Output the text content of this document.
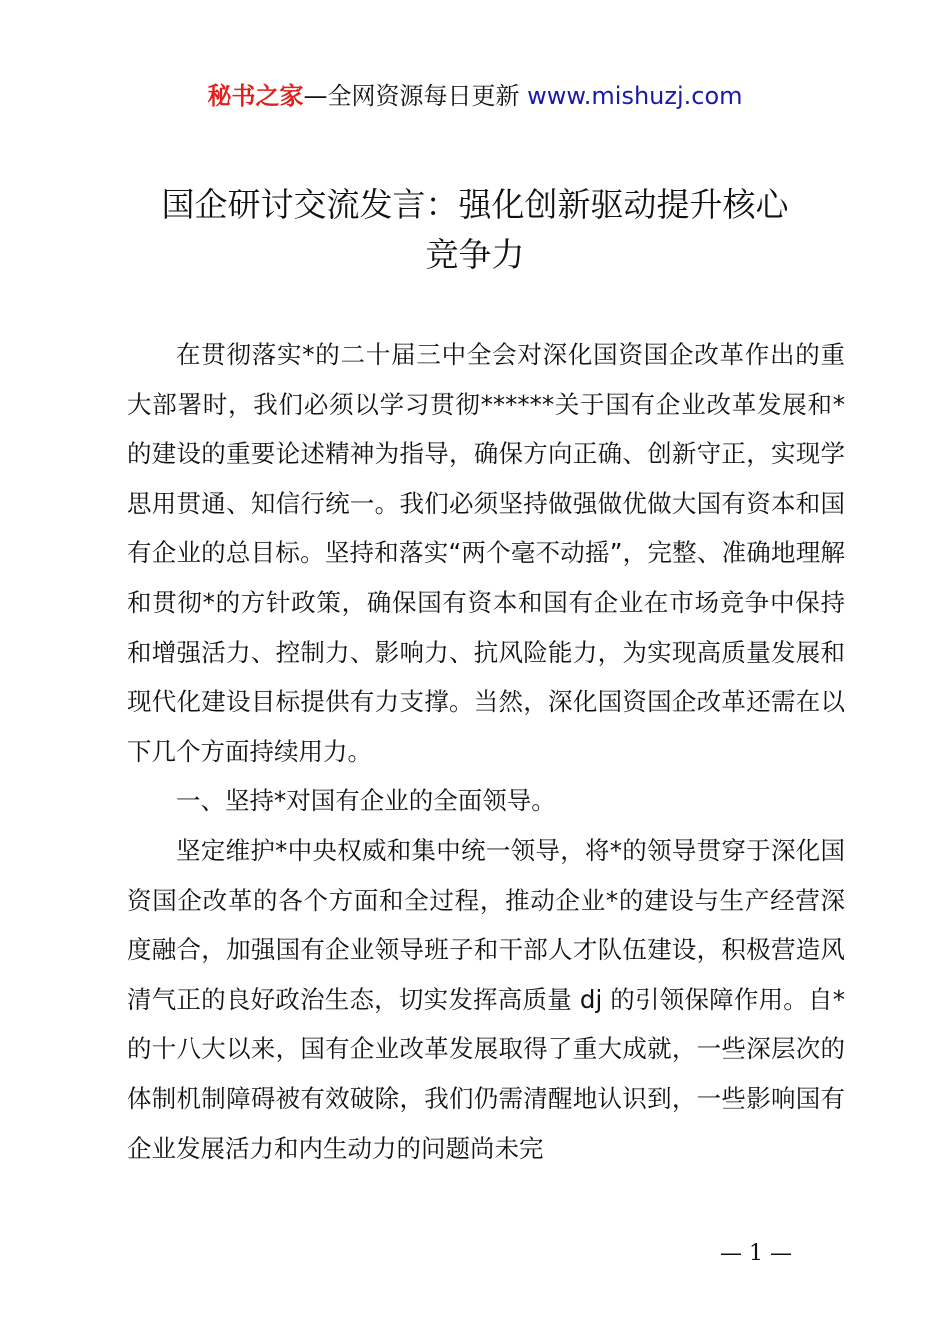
秘书之家—全网资源每日更新 www.mishuzj.com
国企研讨交流发言：强化创新驱动提升核心
竞争力

在贯彻落实*的二十届三中全会对深化国资国企改革作出的重大部署时，我们必须以学习贯彻******关于国有企业改革发展和*的建设的重要论述精神为指导，确保方向正确、创新守正，实现学思用贯通、知信行统一。我们必须坚持做强做优做大国有资本和国有企业的总目标。坚持和落实“两个毫不动摇”，完整、准确地理解和贯彻*的方针政策，确保国有资本和国有企业在市场竞争中保持和增强活力、控制力、影响力、抗风险能力，为实现高质量发展和现代化建设目标提供有力支撑。当然，深化国资国企改革还需在以下几个方面持续用力。

一、坚持*对国有企业的全面领导。

坚定维护*中央权威和集中统一领导，将*的领导贯穿于深化国资国企改革的各个方面和全过程，推动企业*的建设与生产经营深度融合，加强国有企业领导班子和干部人才队伍建设，积极营造风清气正的良好政治生态，切实发挥高质量 dj 的引领保障作用。自*的十八大以来，国有企业改革发展取得了重大成就，一些深层次的体制机制障碍被有效破除，我们仍需清醒地认识到，一些影响国有企业发展活力和内生动力的问题尚未完

— 1 —
